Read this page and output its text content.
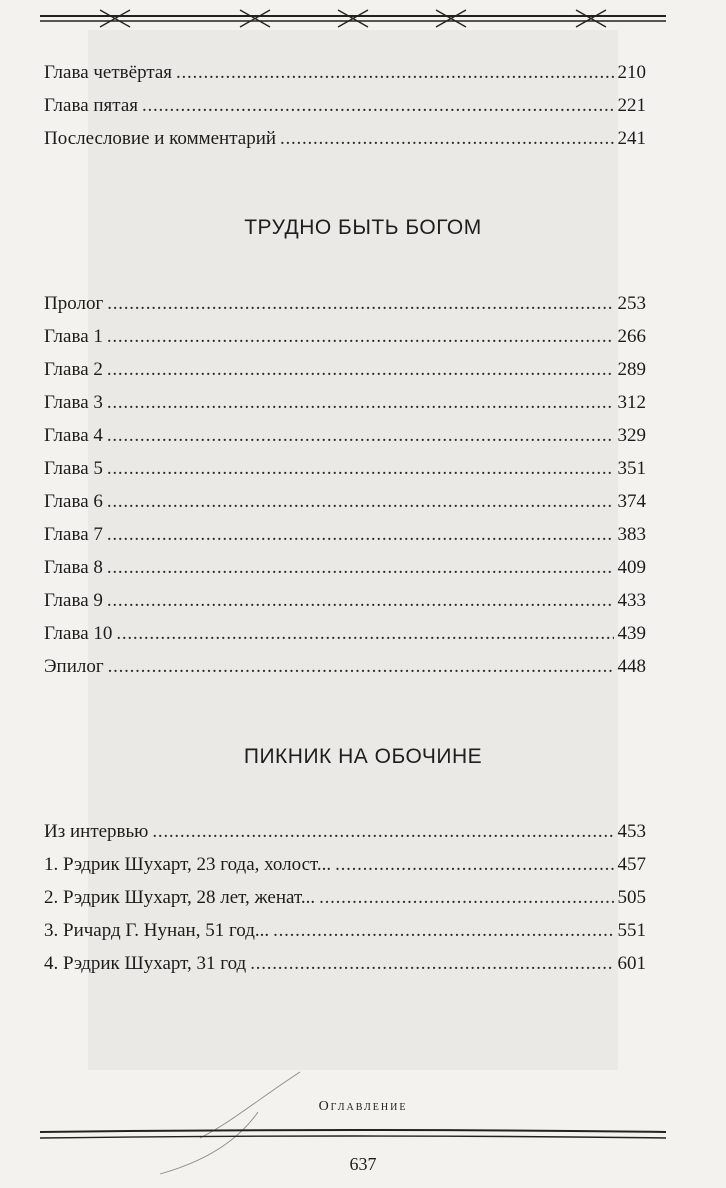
Глава четвёртая . . .	210
Глава пятая . . .	221
Послесловие и комментарий . . .	241
ТРУДНО БЫТЬ БОГОМ
Пролог . . .	253
Глава 1 . . .	266
Глава 2 . . .	289
Глава 3 . . .	312
Глава 4 . . .	329
Глава 5 . . .	351
Глава 6 . . .	374
Глава 7 . . .	383
Глава 8 . . .	409
Глава 9 . . .	433
Глава 10 . . .	439
Эпилог . . .	448
ПИКНИК НА ОБОЧИНЕ
Из интервью . . .	453
1. Рэдрик Шухарт, 23 года, холост... . . .	457
2. Рэдрик Шухарт, 28 лет, женат... . . .	505
3. Ричард Г. Нунан, 51 год... . . .	551
4. Рэдрик Шухарт, 31 год . . .	601
Оглавление
637
